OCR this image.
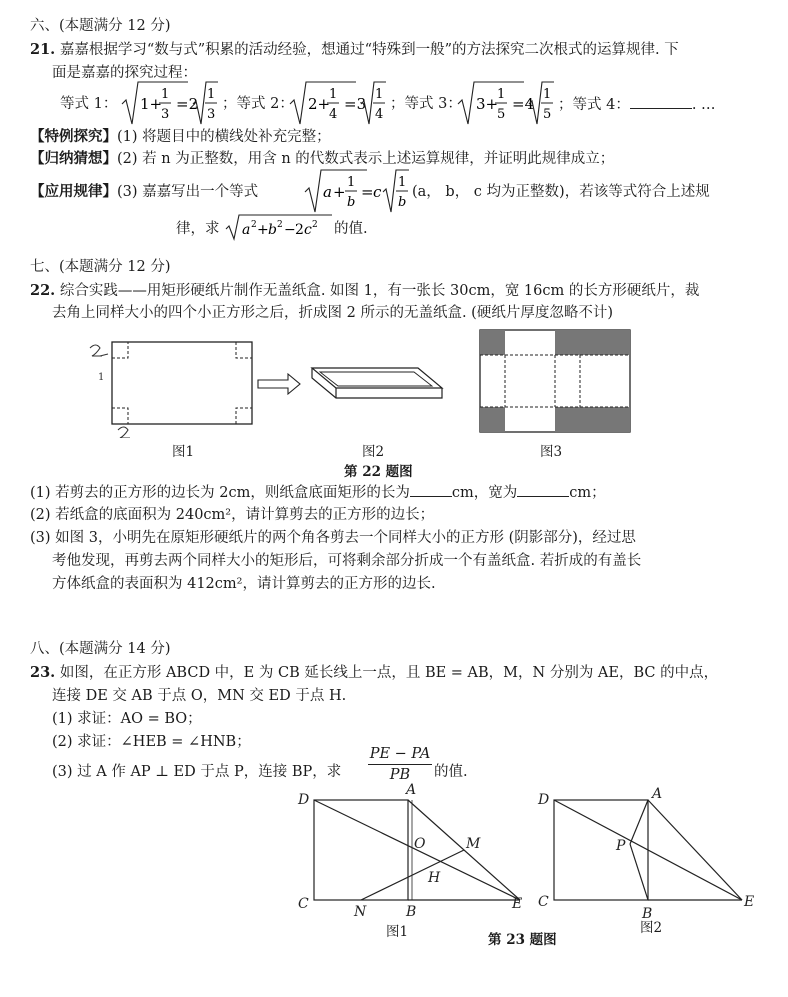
六、(本题满分 12 分)
21. 嘉嘉根据学习“数与式”积累的活动经验，想通过“特殊到一般”的方法探究二次根式的运算规律. 下
面是嘉嘉的探究过程：
等式 1： 1+
1
3
=2
1
3
；等式 2： 2+
1
4
=3
1
4
；等式 3： 3+
1
5
=4
1
5
；等式 4：	. …
【特例探究】(1) 将题目中的横线处补充完整；
【归纳猜想】(2) 若 n 为正整数，用含 n 的代数式表示上述运算规律，并证明此规律成立；
【应用规律】(3) 嘉嘉写出一个等式	a +
1
b
= c
1
b
(a， b， c 均为正整数)，若该等式符合上述规
律，求 a 2 + b 2 − 2 c 2 的值.
七、(本题满分 12 分)
22. 综合实践——用矩形硬纸片制作无盖纸盒. 如图 1，有一张长 30cm，宽 16cm 的长方形硬纸片，裁
去角上同样大小的四个小正方形之后，折成图 2 所示的无盖纸盒. (硬纸片厚度忽略不计)
1
图1	图2	图3
第 22 题图
(1) 若剪去的正方形的边长为 2cm，则纸盒底面矩形的长为	cm，宽为	cm；
(2) 若纸盒的底面积为 240cm²，请计算剪去的正方形的边长；
(3) 如图 3，小明先在原矩形硬纸片的两个角各剪去一个同样大小的正方形 (阴影部分)，经过思
考他发现，再剪去两个同样大小的矩形后，可将剩余部分折成一个有盖纸盒. 若折成的有盖长
方体纸盒的表面积为 412cm²，请计算剪去的正方形的边长.
八、(本题满分 14 分)
23. 如图，在正方形 ABCD 中，E 为 CB 延长线上一点，且 BE = AB，M，N 分别为 AE，BC 的中点，
连接 DE 交 AB 于点 O，MN 交 ED 于点 H.
(1) 求证：AO = BO；
(2) 求证：∠HEB = ∠HNB；
(3) 过 A 作 AP ⊥ ED 于点 P，连接 BP，求 $\frac{PE - PA}{PB}$ 的值.
D
A
C	B	E
O	M
H
N
D	A
C
B
E
P
图1	第 23 题图
图2
